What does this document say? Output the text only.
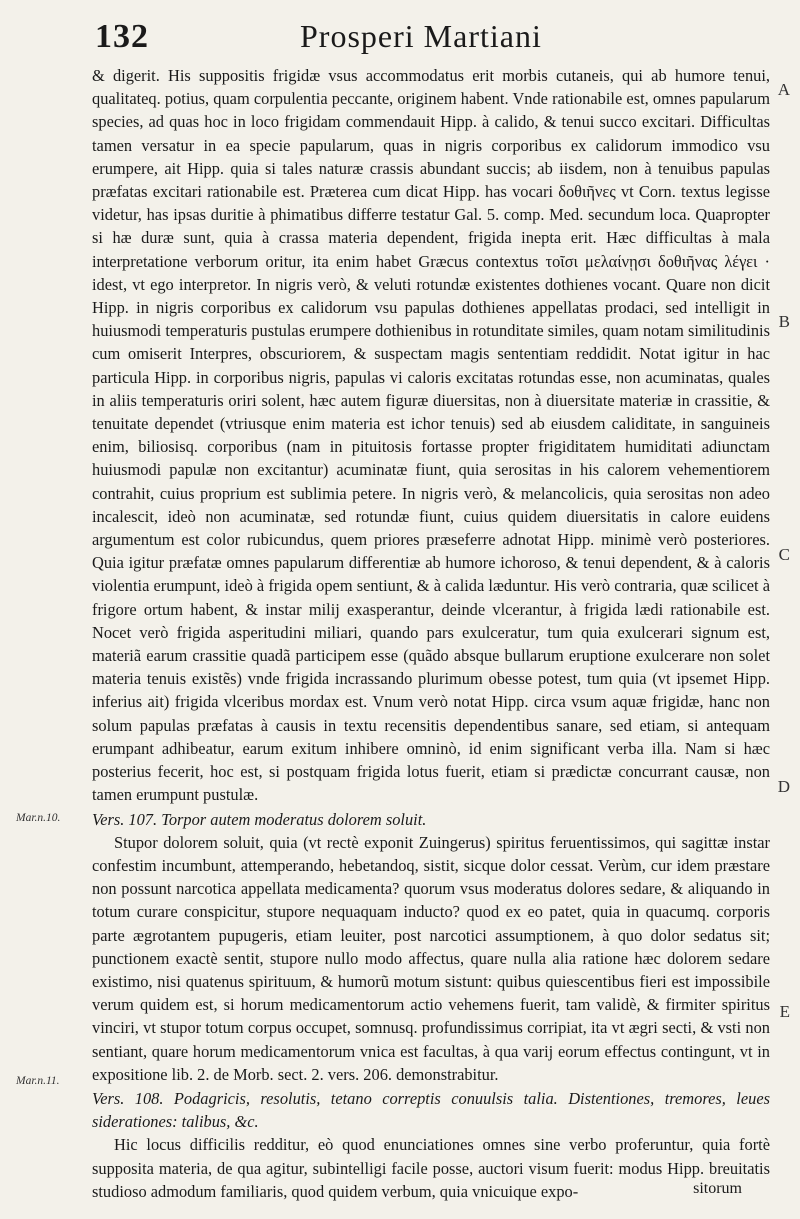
132	Prosperi Martiani
Mar.n.10.
Mar.n.11.
A
B
C
D
E

& digerit. His suppositis frigidæ vsus accommodatus erit morbis cutaneis, qui ab humore tenui, qualitateq. potius, quam corpulentia peccante, originem habent. Vnde rationabile est, omnes papularum species, ad quas hoc in loco frigidam commendauit Hipp. à calido, & tenui succo excitari. Difficultas tamen versatur in ea specie papularum, quas in nigris corporibus ex calidorum immodico vsu erumpere, ait Hipp. quia si tales naturæ crassis abundant succis; ab iisdem, non à tenuibus papulas præfatas excitari rationabile est. Præterea cum dicat Hipp. has vocari δοθιῆνες vt Corn. textus legisse videtur, has ipsas duritie à phimatibus differre testatur Gal. 5. comp. Med. secundum loca. Quapropter si hæ duræ sunt, quia à crassa materia dependent, frigida inepta erit. Hæc difficultas à mala interpretatione verborum oritur, ita enim habet Græcus contextus τοῖσι μελαίνῃσι δοθιῆνας λέγει · idest, vt ego interpretor. In nigris verò, & veluti rotundæ existentes dothienes vocant. Quare non dicit Hipp. in nigris corporibus ex calidorum vsu papulas dothienes appellatas prodaci, sed intelligit in huiusmodi temperaturis pustulas erumpere dothienibus in rotunditate similes, quam notam similitudinis cum omiserit Interpres, obscuriorem, & suspectam magis sententiam reddidit. Notat igitur in hac particula Hipp. in corporibus nigris, papulas vi caloris excitatas rotundas esse, non acuminatas, quales in aliis temperaturis oriri solent, hæc autem figuræ diuersitas, non à diuersitate materiæ in crassitie, & tenuitate dependet (vtriusque enim materia est ichor tenuis) sed ab eiusdem caliditate, in sanguineis enim, biliosisq. corporibus (nam in pituitosis fortasse propter frigiditatem humiditati adiunctam huiusmodi papulæ non excitantur) acuminatæ fiunt, quia serositas in his calorem vehementiorem contrahit, cuius proprium est sublimia petere. In nigris verò, & melancolicis, quia serositas non adeo incalescit, ideò non acuminatæ, sed rotundæ fiunt, cuius quidem diuersitatis in calore euidens argumentum est color rubicundus, quem priores præseferre adnotat Hipp. minimè verò posteriores. Quia igitur præfatæ omnes papularum differentiæ ab humore ichoroso, & tenui dependent, & à caloris violentia erumpunt, ideò à frigida opem sentiunt, & à calida læduntur. His verò contraria, quæ scilicet à frigore ortum habent, & instar milij exasperantur, deinde vlcerantur, à frigida lædi rationabile est. Nocet verò frigida asperitudini miliari, quando pars exulceratur, tum quia exulcerari signum est, materiã earum crassitie quadã participem esse (quãdo absque bullarum eruptione exulcerare non solet materia tenuis existẽs) vnde frigida incrassando plurimum obesse potest, tum quia (vt ipsemet Hipp. inferius ait) frigida vlceribus mordax est. Vnum verò notat Hipp. circa vsum aquæ frigidæ, hanc non solum papulas præfatas à causis in textu recensitis dependentibus sanare, sed etiam, si antequam erumpant adhibeatur, earum exitum inhibere omninò, id enim significant verba illa. Nam si hæc posterius fecerit, hoc est, si postquam frigida lotus fuerit, etiam si prædictæ concurrant causæ, non tamen erumpunt pustulæ.

Vers. 107. Torpor autem moderatus dolorem soluit.

Stupor dolorem soluit, quia (vt rectè exponit Zuingerus) spiritus feruentissimos, qui sagittæ instar confestim incumbunt, attemperando, hebetandoq, sistit, sicque dolor cessat. Verùm, cur idem præstare non possunt narcotica appellata medicamenta? quorum vsus moderatus dolores sedare, & aliquando in totum curare conspicitur, stupore nequaquam inducto? quod ex eo patet, quia in quacumq. corporis parte ægrotantem pupugeris, etiam leuiter, post narcotici assumptionem, à quo dolor sedatus sit; punctionem exactè sentit, stupore nullo modo affectus, quare nulla alia ratione hæc dolorem sedare existimo, nisi quatenus spirituum, & humorũ motum sistunt: quibus quiescentibus fieri est impossibile verum quidem est, si horum medicamentorum actio vehemens fuerit, tam validè, & firmiter spiritus vinciri, vt stupor totum corpus occupet, somnusq. profundissimus corripiat, ita vt ægri secti, & vsti non sentiant, quare horum medicamentorum vnica est facultas, à qua varij eorum effectus contingunt, vt in expositione lib. 2. de Morb. sect. 2. vers. 206. demonstrabitur.

Vers. 108. Podagricis, resolutis, tetano correptis conuulsis talia. Distentiones, tremores, leues siderationes: talibus, &c.

Hic locus difficilis redditur, eò quod enunciationes omnes sine verbo proferuntur, quia fortè supposita materia, de qua agitur, subintelligi facile posse, auctori visum fuerit: modus Hipp. breuitatis studioso admodum familiaris, quod quidem verbum, quia vnicuique expo-	sitorum
